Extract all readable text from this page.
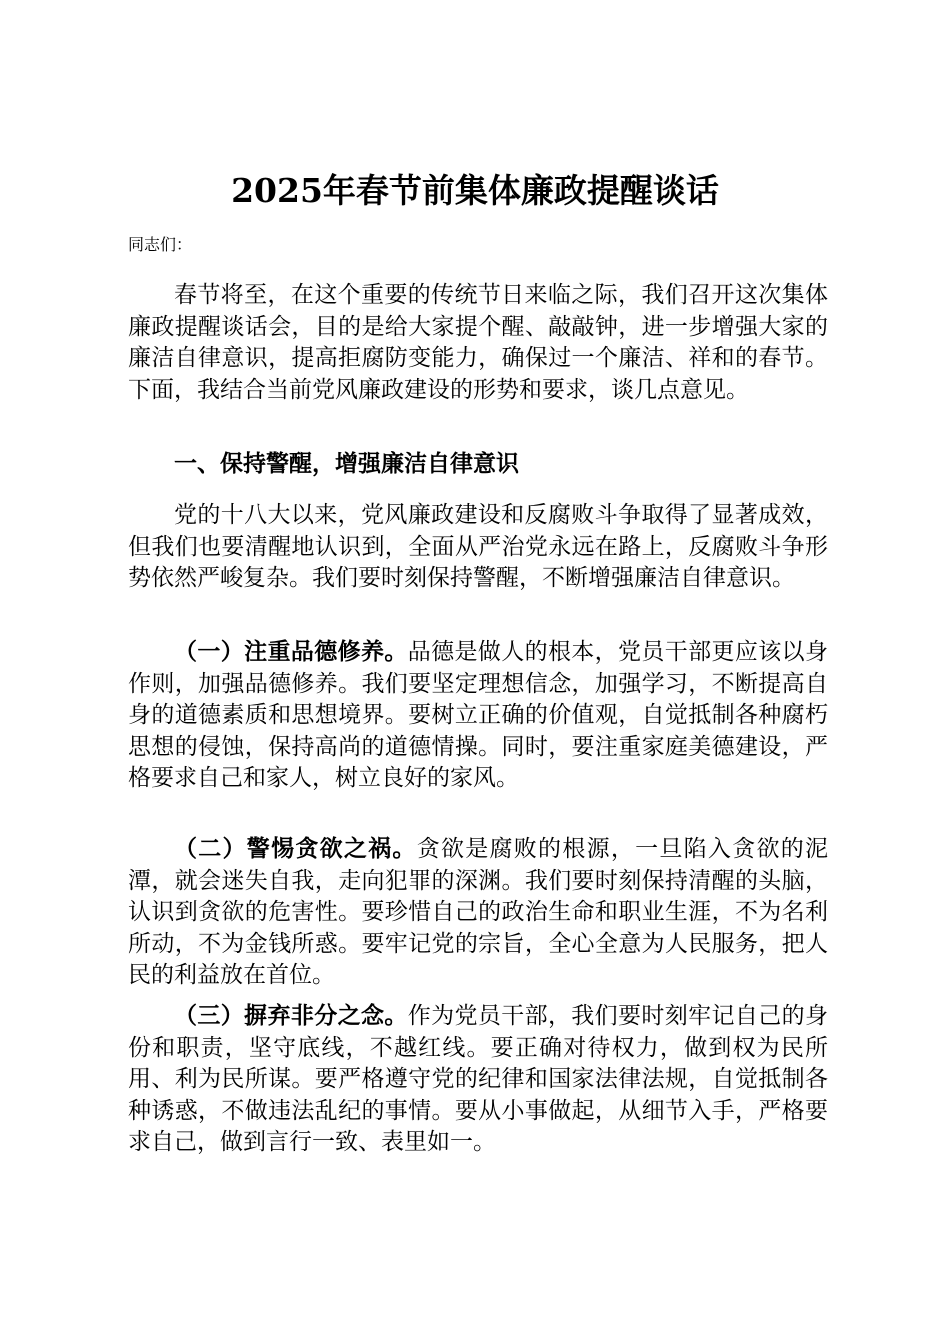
2025年春节前集体廉政提醒谈话
同志们：

春节将至，在这个重要的传统节日来临之际，我们召开这次集体廉政提醒谈话会，目的是给大家提个醒、敲敲钟，进一步增强大家的廉洁自律意识，提高拒腐防变能力，确保过一个廉洁、祥和的春节。下面，我结合当前党风廉政建设的形势和要求，谈几点意见。

一、保持警醒，增强廉洁自律意识

党的十八大以来，党风廉政建设和反腐败斗争取得了显著成效，但我们也要清醒地认识到，全面从严治党永远在路上，反腐败斗争形势依然严峻复杂。我们要时刻保持警醒，不断增强廉洁自律意识。

（一）注重品德修养。品德是做人的根本，党员干部更应该以身作则，加强品德修养。我们要坚定理想信念，加强学习，不断提高自身的道德素质和思想境界。要树立正确的价值观，自觉抵制各种腐朽思想的侵蚀，保持高尚的道德情操。同时，要注重家庭美德建设，严格要求自己和家人，树立良好的家风。

（二）警惕贪欲之祸。贪欲是腐败的根源，一旦陷入贪欲的泥潭，就会迷失自我，走向犯罪的深渊。我们要时刻保持清醒的头脑，认识到贪欲的危害性。要珍惜自己的政治生命和职业生涯，不为名利所动，不为金钱所惑。要牢记党的宗旨，全心全意为人民服务，把人民的利益放在首位。

（三）摒弃非分之念。作为党员干部，我们要时刻牢记自己的身份和职责，坚守底线，不越红线。要正确对待权力，做到权为民所用、利为民所谋。要严格遵守党的纪律和国家法律法规，自觉抵制各种诱惑，不做违法乱纪的事情。要从小事做起，从细节入手，严格要求自己，做到言行一致、表里如一。
